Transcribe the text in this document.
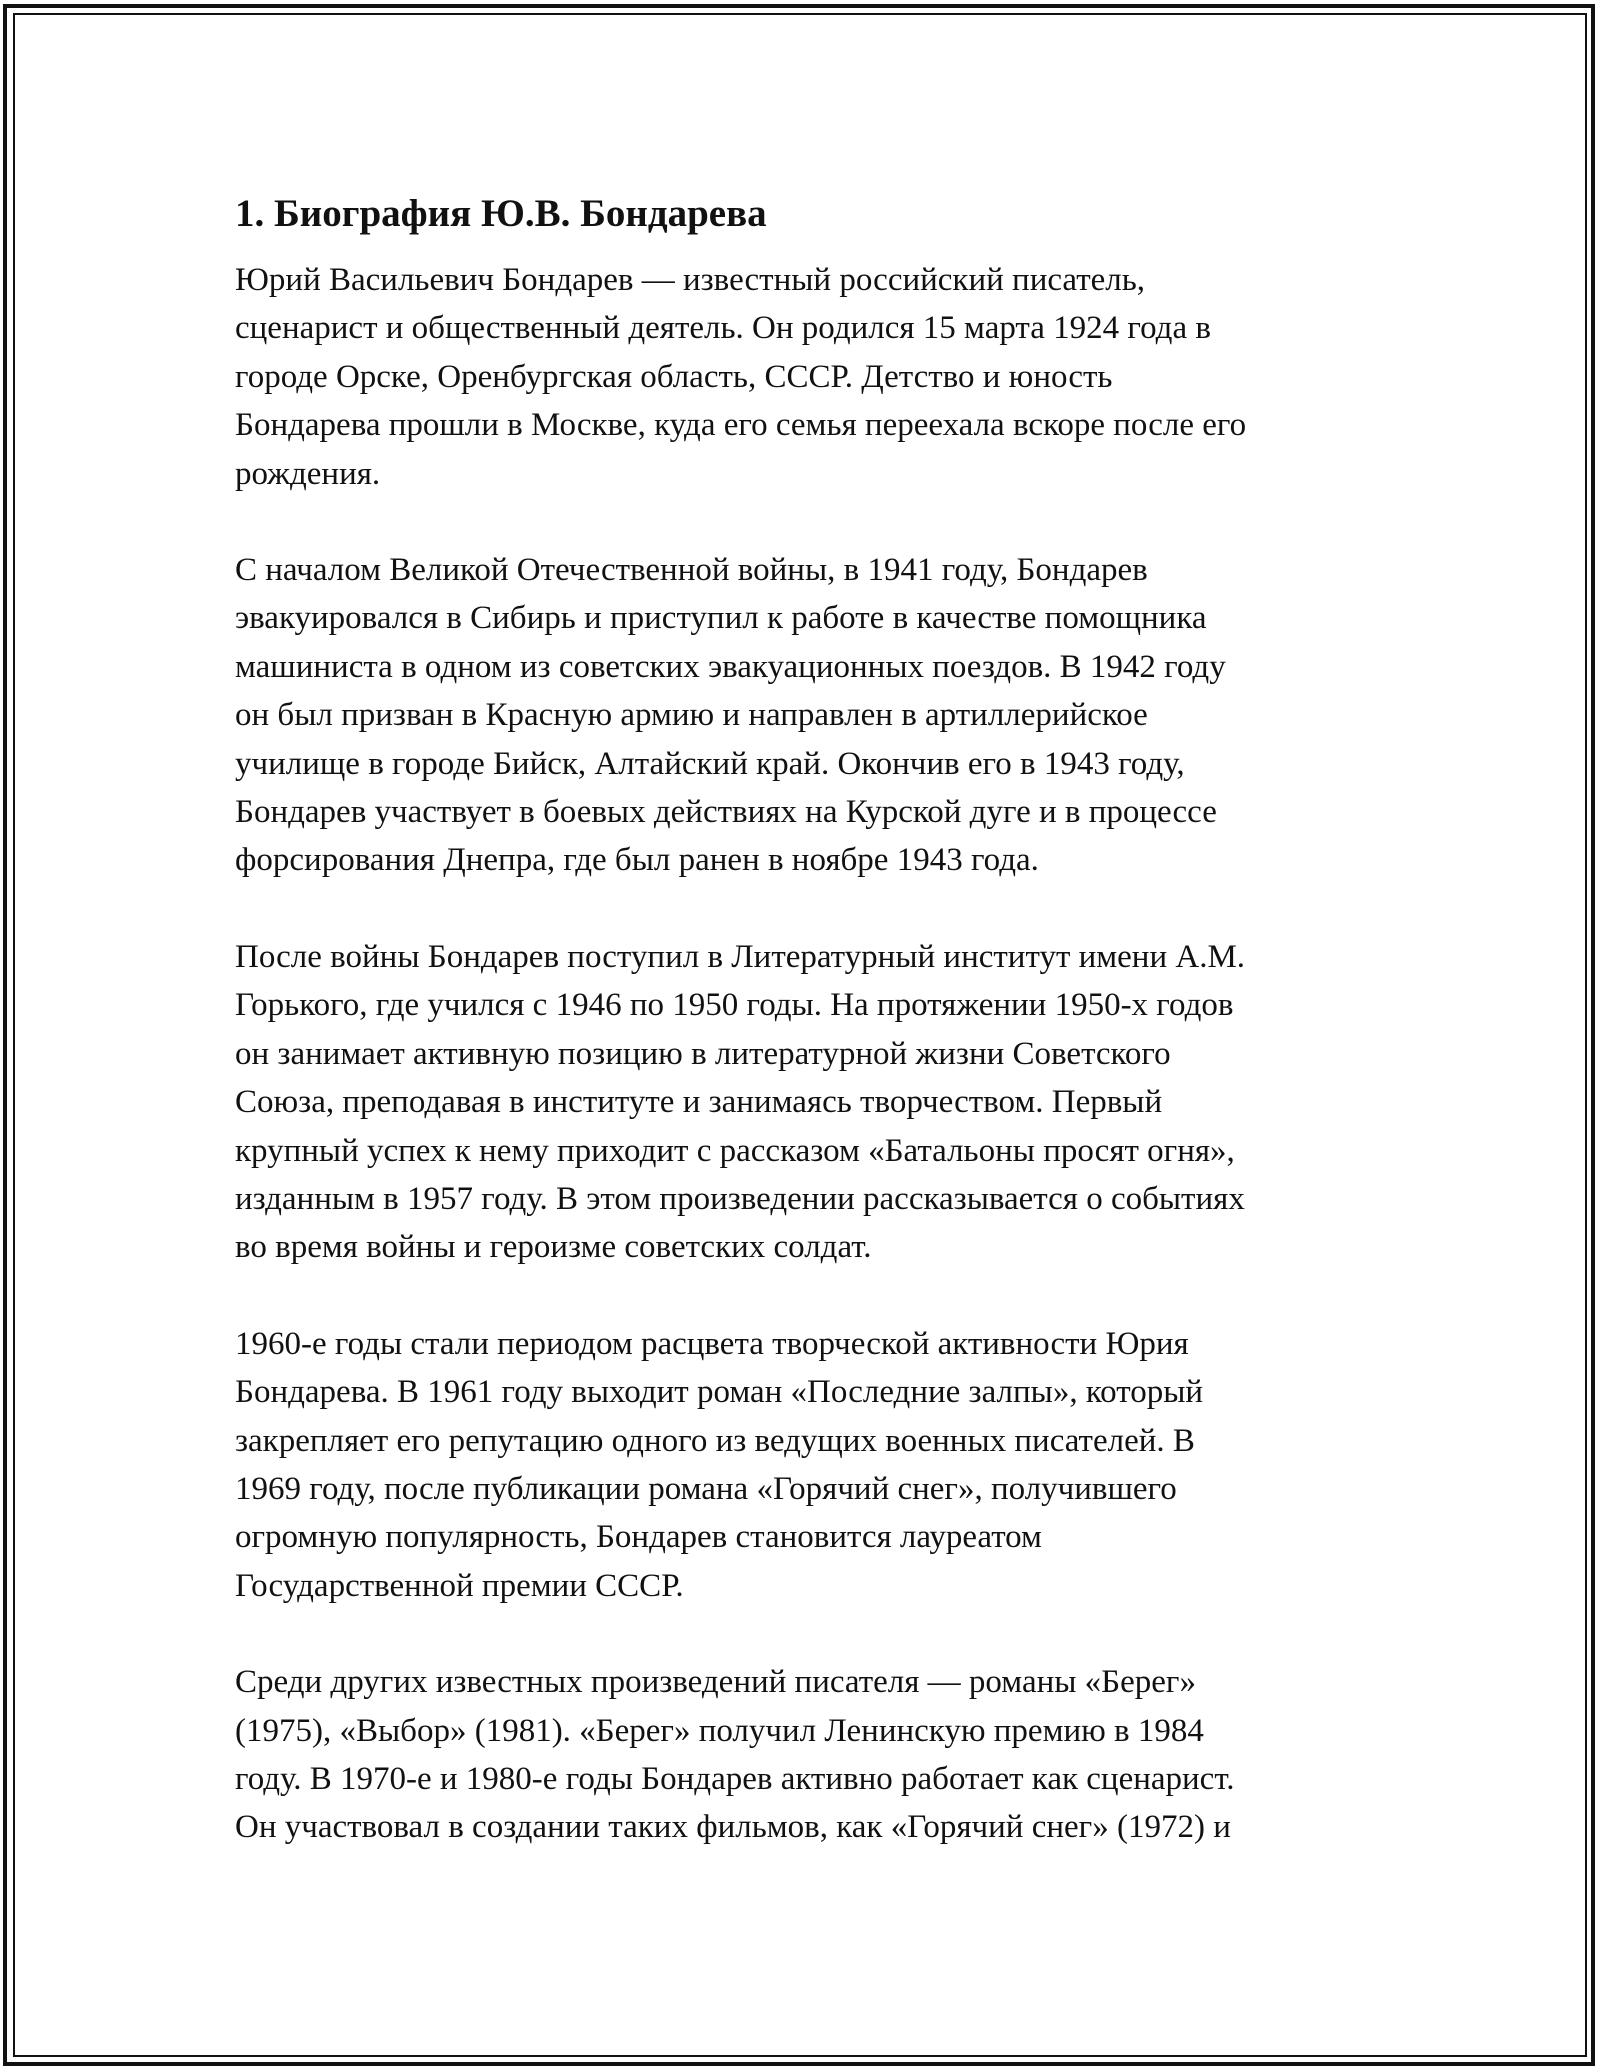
1. Биография Ю.В. Бондарева

Юрий Васильевич Бондарев — известный российский писатель,
сценарист и общественный деятель. Он родился 15 марта 1924 года в
городе Орске, Оренбургская область, СССР. Детство и юность
Бондарева прошли в Москве, куда его семья переехала вскоре после его
рождения.

С началом Великой Отечественной войны, в 1941 году, Бондарев
эвакуировался в Сибирь и приступил к работе в качестве помощника
машиниста в одном из советских эвакуационных поездов. В 1942 году
он был призван в Красную армию и направлен в артиллерийское
училище в городе Бийск, Алтайский край. Окончив его в 1943 году,
Бондарев участвует в боевых действиях на Курской дуге и в процессе
форсирования Днепра, где был ранен в ноябре 1943 года.

После войны Бондарев поступил в Литературный институт имени А.М.
Горького, где учился с 1946 по 1950 годы. На протяжении 1950-х годов
он занимает активную позицию в литературной жизни Советского
Союза, преподавая в институте и занимаясь творчеством. Первый
крупный успех к нему приходит с рассказом «Батальоны просят огня»,
изданным в 1957 году. В этом произведении рассказывается о событиях
во время войны и героизме советских солдат.

1960-е годы стали периодом расцвета творческой активности Юрия
Бондарева. В 1961 году выходит роман «Последние залпы», который
закрепляет его репутацию одного из ведущих военных писателей. В
1969 году, после публикации романа «Горячий снег», получившего
огромную популярность, Бондарев становится лауреатом
Государственной премии СССР.

Среди других известных произведений писателя — романы «Берег»
(1975), «Выбор» (1981). «Берег» получил Ленинскую премию в 1984
году. В 1970-е и 1980-е годы Бондарев активно работает как сценарист.
Он участвовал в создании таких фильмов, как «Горячий снег» (1972) и
